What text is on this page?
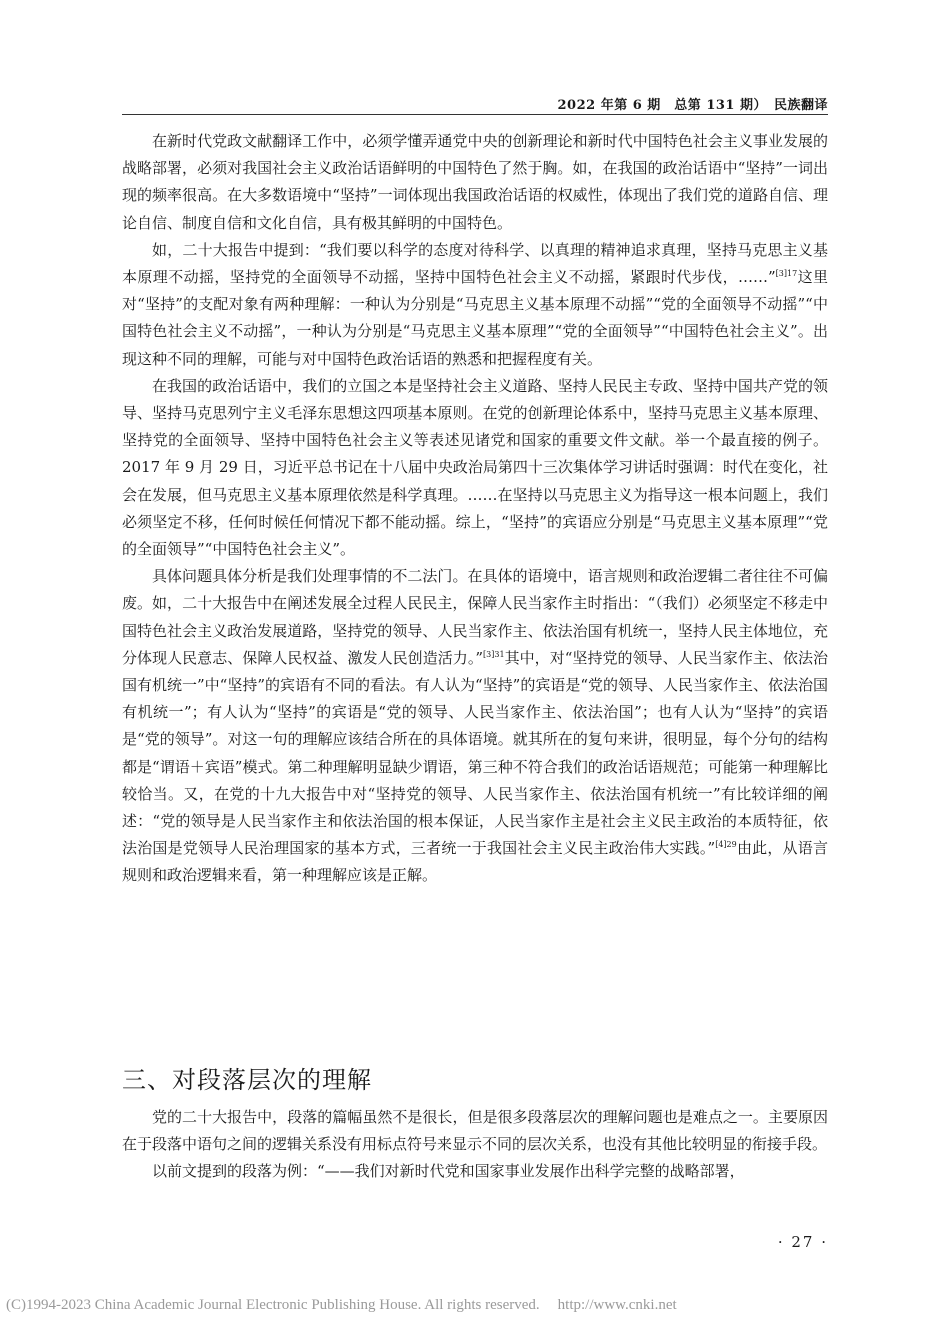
2022 年第 6 期　总第 131 期）　民族翻译

在新时代党政文献翻译工作中，必须学懂弄通党中央的创新理论和新时代中国特色社会主义事业发展的战略部署，必须对我国社会主义政治话语鲜明的中国特色了然于胸。如，在我国的政治话语中“坚持”一词出现的频率很高。在大多数语境中“坚持”一词体现出我国政治话语的权威性，体现出了我们党的道路自信、理论自信、制度自信和文化自信，具有极其鲜明的中国特色。

如，二十大报告中提到：“我们要以科学的态度对待科学、以真理的精神追求真理，坚持马克思主义基本原理不动摇，坚持党的全面领导不动摇，坚持中国特色社会主义不动摇，紧跟时代步伐，……”$^{[3]17}$这里对“坚持”的支配对象有两种理解：一种认为分别是“马克思主义基本原理不动摇”“党的全面领导不动摇”“中国特色社会主义不动摇”，一种认为分别是“马克思主义基本原理”“党的全面领导”“中国特色社会主义”。出现这种不同的理解，可能与对中国特色政治话语的熟悉和把握程度有关。

在我国的政治话语中，我们的立国之本是坚持社会主义道路、坚持人民民主专政、坚持中国共产党的领导、坚持马克思列宁主义毛泽东思想这四项基本原则。在党的创新理论体系中，坚持马克思主义基本原理、坚持党的全面领导、坚持中国特色社会主义等表述见诸党和国家的重要文件文献。举一个最直接的例子。2017 年 9 月 29 日，习近平总书记在十八届中央政治局第四十三次集体学习讲话时强调：时代在变化，社会在发展，但马克思主义基本原理依然是科学真理。……在坚持以马克思主义为指导这一根本问题上，我们必须坚定不移，任何时候任何情况下都不能动摇。综上，“坚持”的宾语应分别是“马克思主义基本原理”“党的全面领导”“中国特色社会主义”。

具体问题具体分析是我们处理事情的不二法门。在具体的语境中，语言规则和政治逻辑二者往往不可偏废。如，二十大报告中在阐述发展全过程人民民主，保障人民当家作主时指出：“（我们）必须坚定不移走中国特色社会主义政治发展道路，坚持党的领导、人民当家作主、依法治国有机统一，坚持人民主体地位，充分体现人民意志、保障人民权益、激发人民创造活力。”$^{[3]31}$其中，对“坚持党的领导、人民当家作主、依法治国有机统一”中“坚持”的宾语有不同的看法。有人认为“坚持”的宾语是“党的领导、人民当家作主、依法治国有机统一”；有人认为“坚持”的宾语是“党的领导、人民当家作主、依法治国”；也有人认为“坚持”的宾语是“党的领导”。对这一句的理解应该结合所在的具体语境。就其所在的复句来讲，很明显，每个分句的结构都是“谓语＋宾语”模式。第二种理解明显缺少谓语，第三种不符合我们的政治话语规范；可能第一种理解比较恰当。又，在党的十九大报告中对“坚持党的领导、人民当家作主、依法治国有机统一”有比较详细的阐述：“党的领导是人民当家作主和依法治国的根本保证，人民当家作主是社会主义民主政治的本质特征，依法治国是党领导人民治理国家的基本方式，三者统一于我国社会主义民主政治伟大实践。”$^{[4]29}$由此，从语言规则和政治逻辑来看，第一种理解应该是正解。

三、对段落层次的理解

党的二十大报告中，段落的篇幅虽然不是很长，但是很多段落层次的理解问题也是难点之一。主要原因在于段落中语句之间的逻辑关系没有用标点符号来显示不同的层次关系，也没有其他比较明显的衔接手段。

以前文提到的段落为例：“——我们对新时代党和国家事业发展作出科学完整的战略部署，

· 27 ·
(C)1994-2023 China Academic Journal Electronic Publishing House. All rights reserved. http://www.cnki.net
